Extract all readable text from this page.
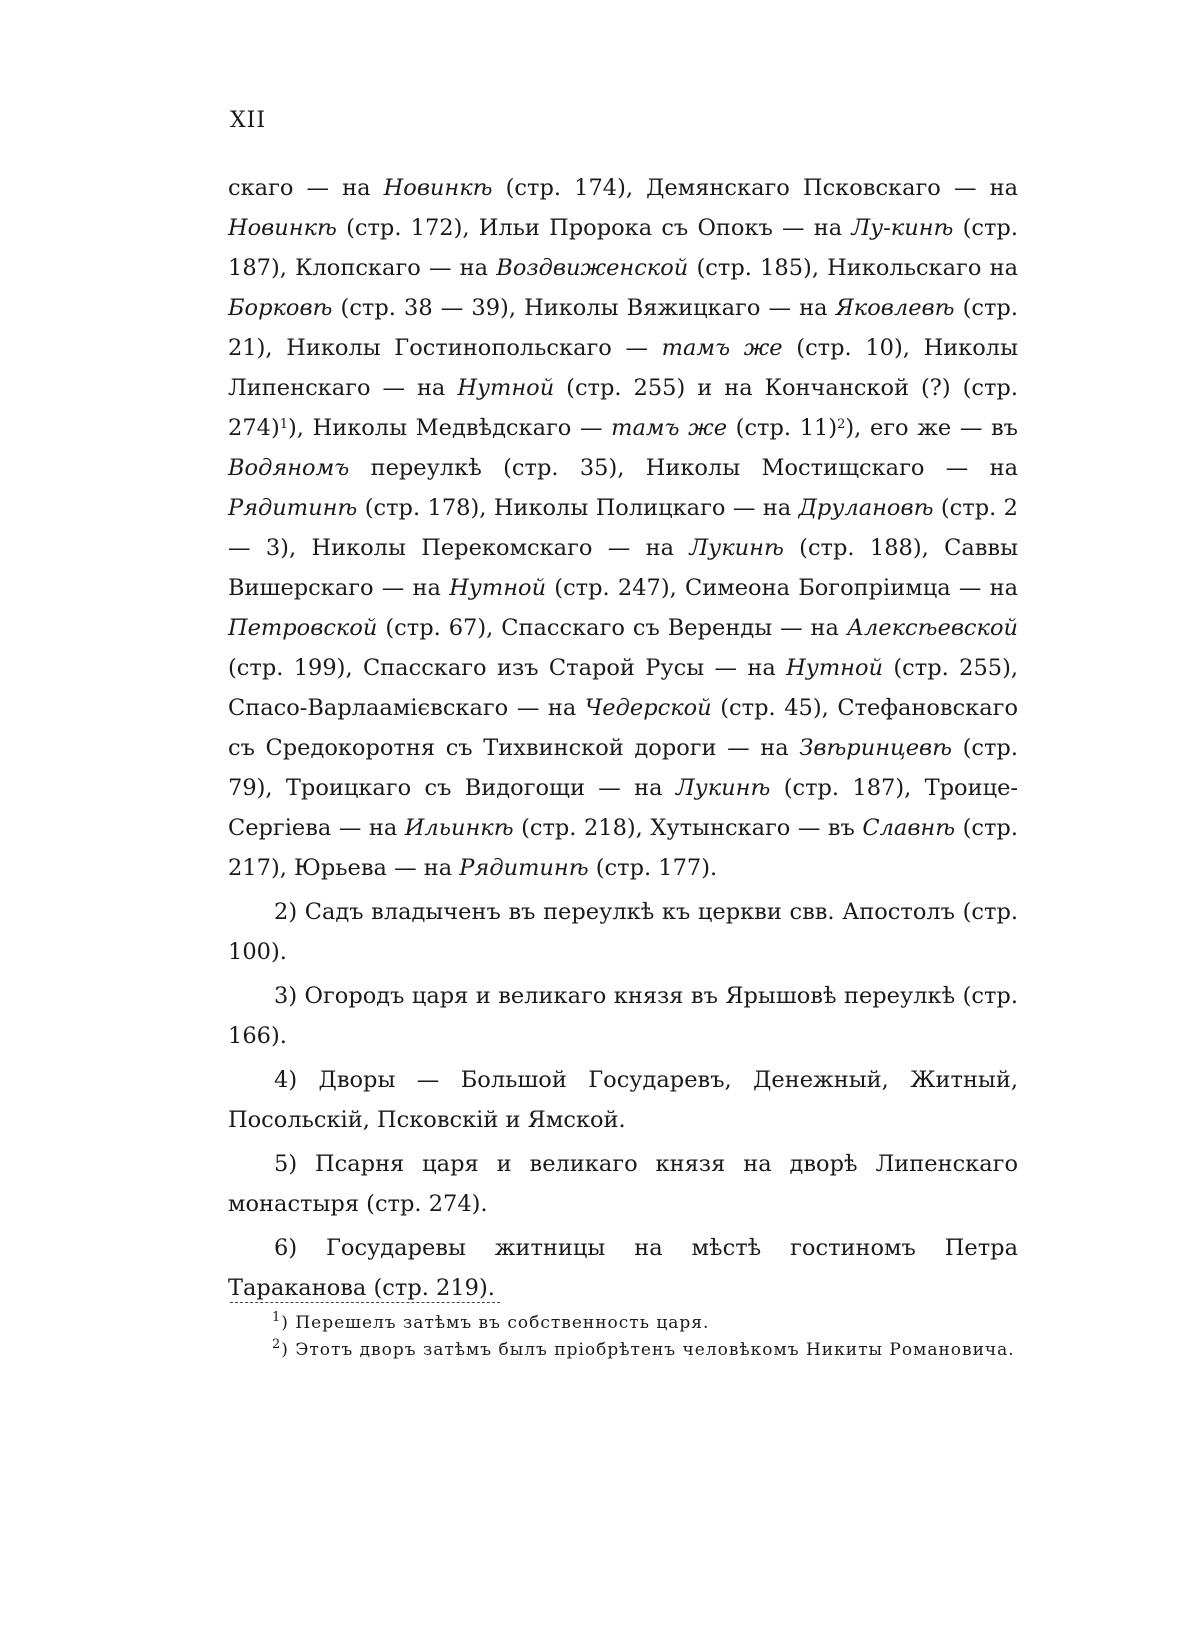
XII

скаго — на Новинкѣ (стр. 174), Демянскаго Псковскаго — на Новинкѣ (стр. 172), Ильи Пророка съ Опокъ — на Лу-кинѣ (стр. 187), Клопскаго — на Воздвиженской (стр. 185), Никольскаго на Борковѣ (стр. 38 — 39), Николы Вяжицкаго — на Яковлевѣ (стр. 21), Николы Гостинопольскаго — тамъ же (стр. 10), Николы Липенскаго — на Нутной (стр. 255) и на Кончанской (?) (стр. 274)$^1$), Николы Медвѣдскаго — тамъ же (стр. 11)$^2$), его же — въ Водяномъ переулкѣ (стр. 35), Николы Мостищскаго — на Рядитинѣ (стр. 178), Николы Полицкаго — на Друлановѣ (стр. 2 — 3), Николы Перекомскаго — на Лукинѣ (стр. 188), Саввы Вишерскаго — на Нутной (стр. 247), Симеона Богопріимца — на Петровской (стр. 67), Спасскаго съ Веренды — на Алексѣевской (стр. 199), Спасскаго изъ Старой Русы — на Нутной (стр. 255), Спасо-Варлаамієвскаго — на Чедерской (стр. 45), Стефановскаго съ Средокоротня съ Тихвинской дороги — на Звѣринцевѣ (стр. 79), Троицкаго съ Видогощи — на Лукинѣ (стр. 187), Троице-Сергіева — на Ильинкѣ (стр. 218), Хутынскаго — въ Славнѣ (стр. 217), Юрьева — на Рядитинѣ (стр. 177).

2) Садъ владыченъ въ переулкѣ къ церкви свв. Апостолъ (стр. 100).

3) Огородъ царя и великаго князя въ Ярышовѣ переулкѣ (стр. 166).

4) Дворы — Большой Государевъ, Денежный, Житный, Посольскій, Псковскій и Ямской.

5) Псарня царя и великаго князя на дворѣ Липенскаго монастыря (стр. 274).

6) Государевы житницы на мѣстѣ гостиномъ Петра Тараканова (стр. 219).

$^1$) Перешелъ затѣмъ въ собственность царя.

$^2$) Этотъ дворъ затѣмъ былъ пріобрѣтенъ человѣкомъ Никиты Романовича.
